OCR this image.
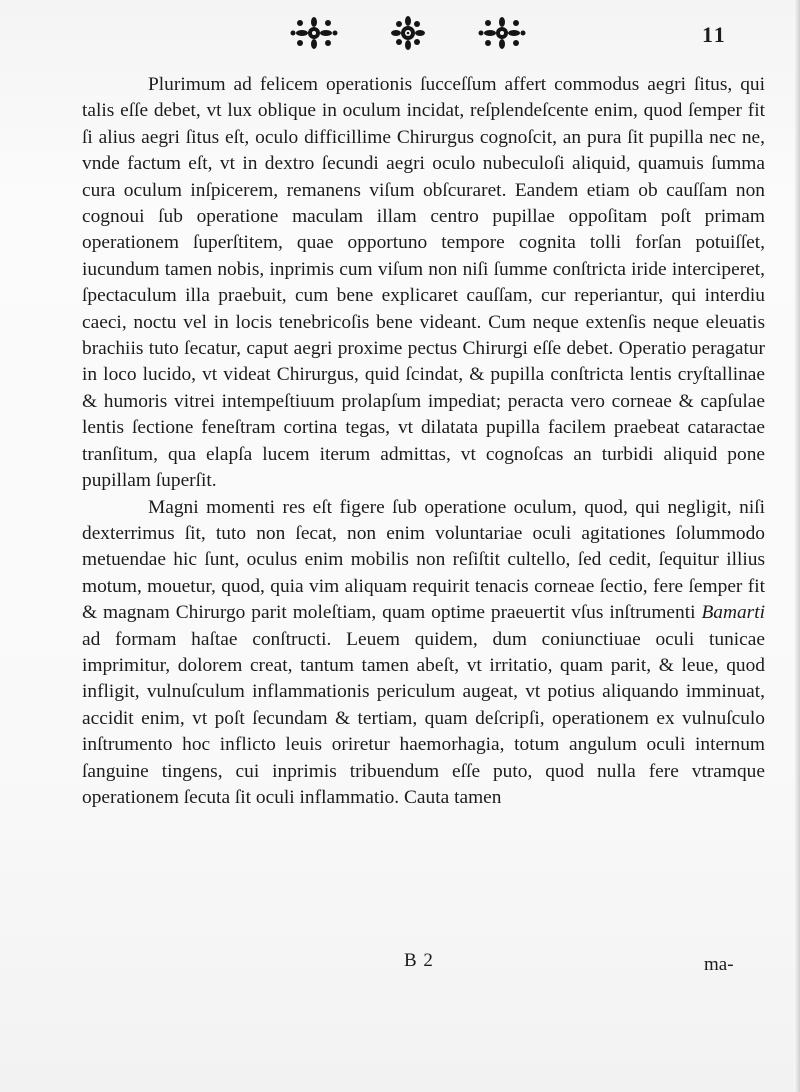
11

Plurimum ad felicem operationis ſucceſſum affert commodus aegri ſitus, qui talis eſſe debet, vt lux oblique in oculum incidat, reſplendeſcente enim, quod ſemper fit ſi alius aegri ſitus eſt, oculo difficillime Chirurgus cognoſcit, an pura ſit pupilla nec ne, vnde factum eſt, vt in dextro ſecundi aegri oculo nubeculoſi aliquid, quamuis ſumma cura oculum inſpicerem, remanens viſum obſcuraret. Eandem etiam ob cauſſam non cognoui ſub operatione maculam illam centro pupillae oppoſitam poſt primam operationem ſuperſtitem, quae opportuno tempore cognita tolli forſan potuiſſet, iucundum tamen nobis, inprimis cum viſum non niſi ſumme conſtricta iride interciperet, ſpectaculum illa praebuit, cum bene explicaret cauſſam, cur reperiantur, qui interdiu caeci, noctu vel in locis tenebricoſis bene videant. Cum neque extenſis neque eleuatis brachiis tuto ſecatur, caput aegri proxime pectus Chirurgi eſſe debet. Operatio peragatur in loco lucido, vt videat Chirurgus, quid ſcindat, & pupilla conſtricta lentis cryſtallinae & humoris vitrei intempeſtiuum prolapſum impediat; peracta vero corneae & capſulae lentis ſectione feneſtram cortina tegas, vt dilatata pupilla facilem praebeat cataractae tranſitum, qua elapſa lucem iterum admittas, vt cognoſcas an turbidi aliquid pone pupillam ſuperſit.

Magni momenti res eſt figere ſub operatione oculum, quod, qui negligit, niſi dexterrimus ſit, tuto non ſecat, non enim voluntariae oculi agitationes ſolummodo metuendae hic ſunt, oculus enim mobilis non reſiſtit cultello, ſed cedit, ſequitur illius motum, mouetur, quod, quia vim aliquam requirit tenacis corneae ſectio, fere ſemper fit & magnam Chirurgo parit moleſtiam, quam optime praeuertit vſus inſtrumenti Bamarti ad formam haſtae conſtructi. Leuem quidem, dum coniunctiuae oculi tunicae imprimitur, dolorem creat, tantum tamen abeſt, vt irritatio, quam parit, & leue, quod infligit, vulnuſculum inflammationis periculum augeat, vt potius aliquando imminuat, accidit enim, vt poſt ſecundam & tertiam, quam deſcripſi, operationem ex vulnuſculo inſtrumento hoc inflicto leuis oriretur haemorhagia, totum angulum oculi internum ſanguine tingens, cui inprimis tribuendum eſſe puto, quod nulla fere vtramque operationem ſecuta ſit oculi inflammatio. Cauta tamen

B 2	ma-
